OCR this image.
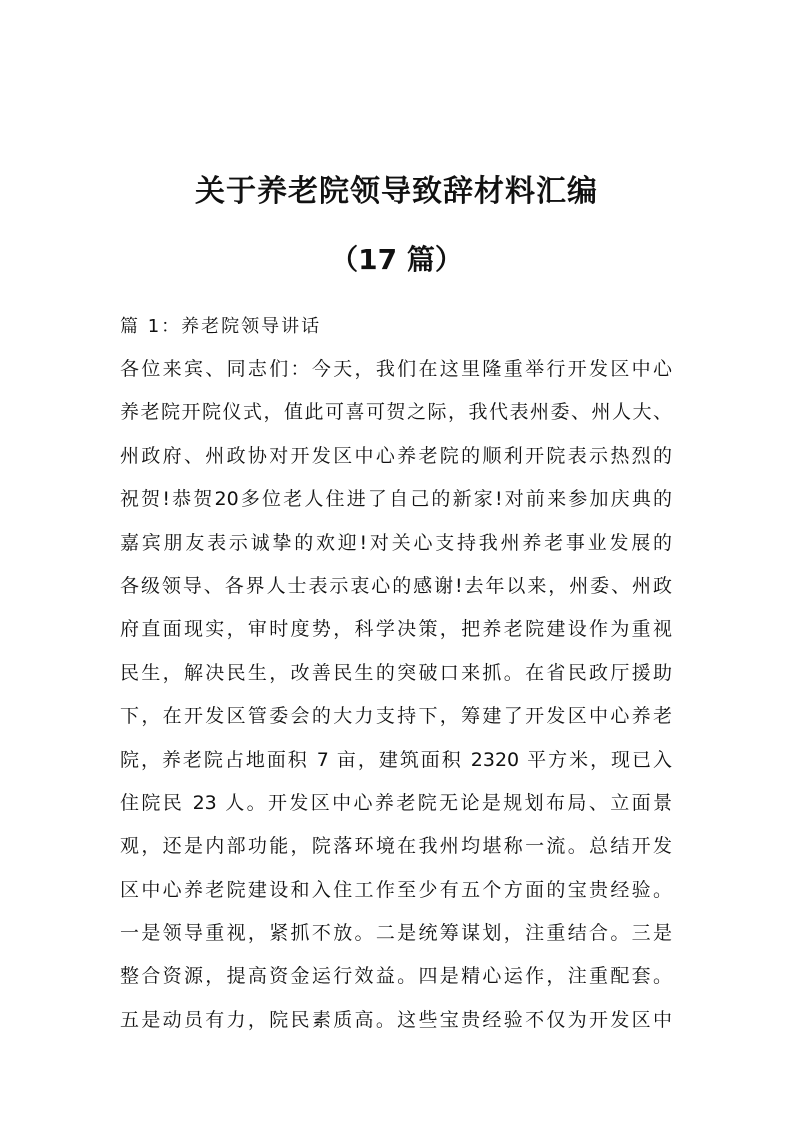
关于养老院领导致辞材料汇编
（17 篇）
篇 1：养老院领导讲话
各位来宾、同志们：今天，我们在这里隆重举行开发区中心
养老院开院仪式，值此可喜可贺之际，我代表州委、州人大、
州政府、州政协对开发区中心养老院的顺利开院表示热烈的
祝贺!恭贺20多位老人住进了自己的新家!对前来参加庆典的
嘉宾朋友表示诚挚的欢迎!对关心支持我州养老事业发展的
各级领导、各界人士表示衷心的感谢!去年以来，州委、州政
府直面现实，审时度势，科学决策，把养老院建设作为重视
民生，解决民生，改善民生的突破口来抓。在省民政厅援助
下，在开发区管委会的大力支持下，筹建了开发区中心养老
院，养老院占地面积 7 亩，建筑面积 2320 平方米，现已入
住院民 23 人。开发区中心养老院无论是规划布局、立面景
观，还是内部功能，院落环境在我州均堪称一流。总结开发
区中心养老院建设和入住工作至少有五个方面的宝贵经验。
一是领导重视，紧抓不放。二是统筹谋划，注重结合。三是
整合资源，提高资金运行效益。四是精心运作，注重配套。
五是动员有力，院民素质高。这些宝贵经验不仅为开发区中
